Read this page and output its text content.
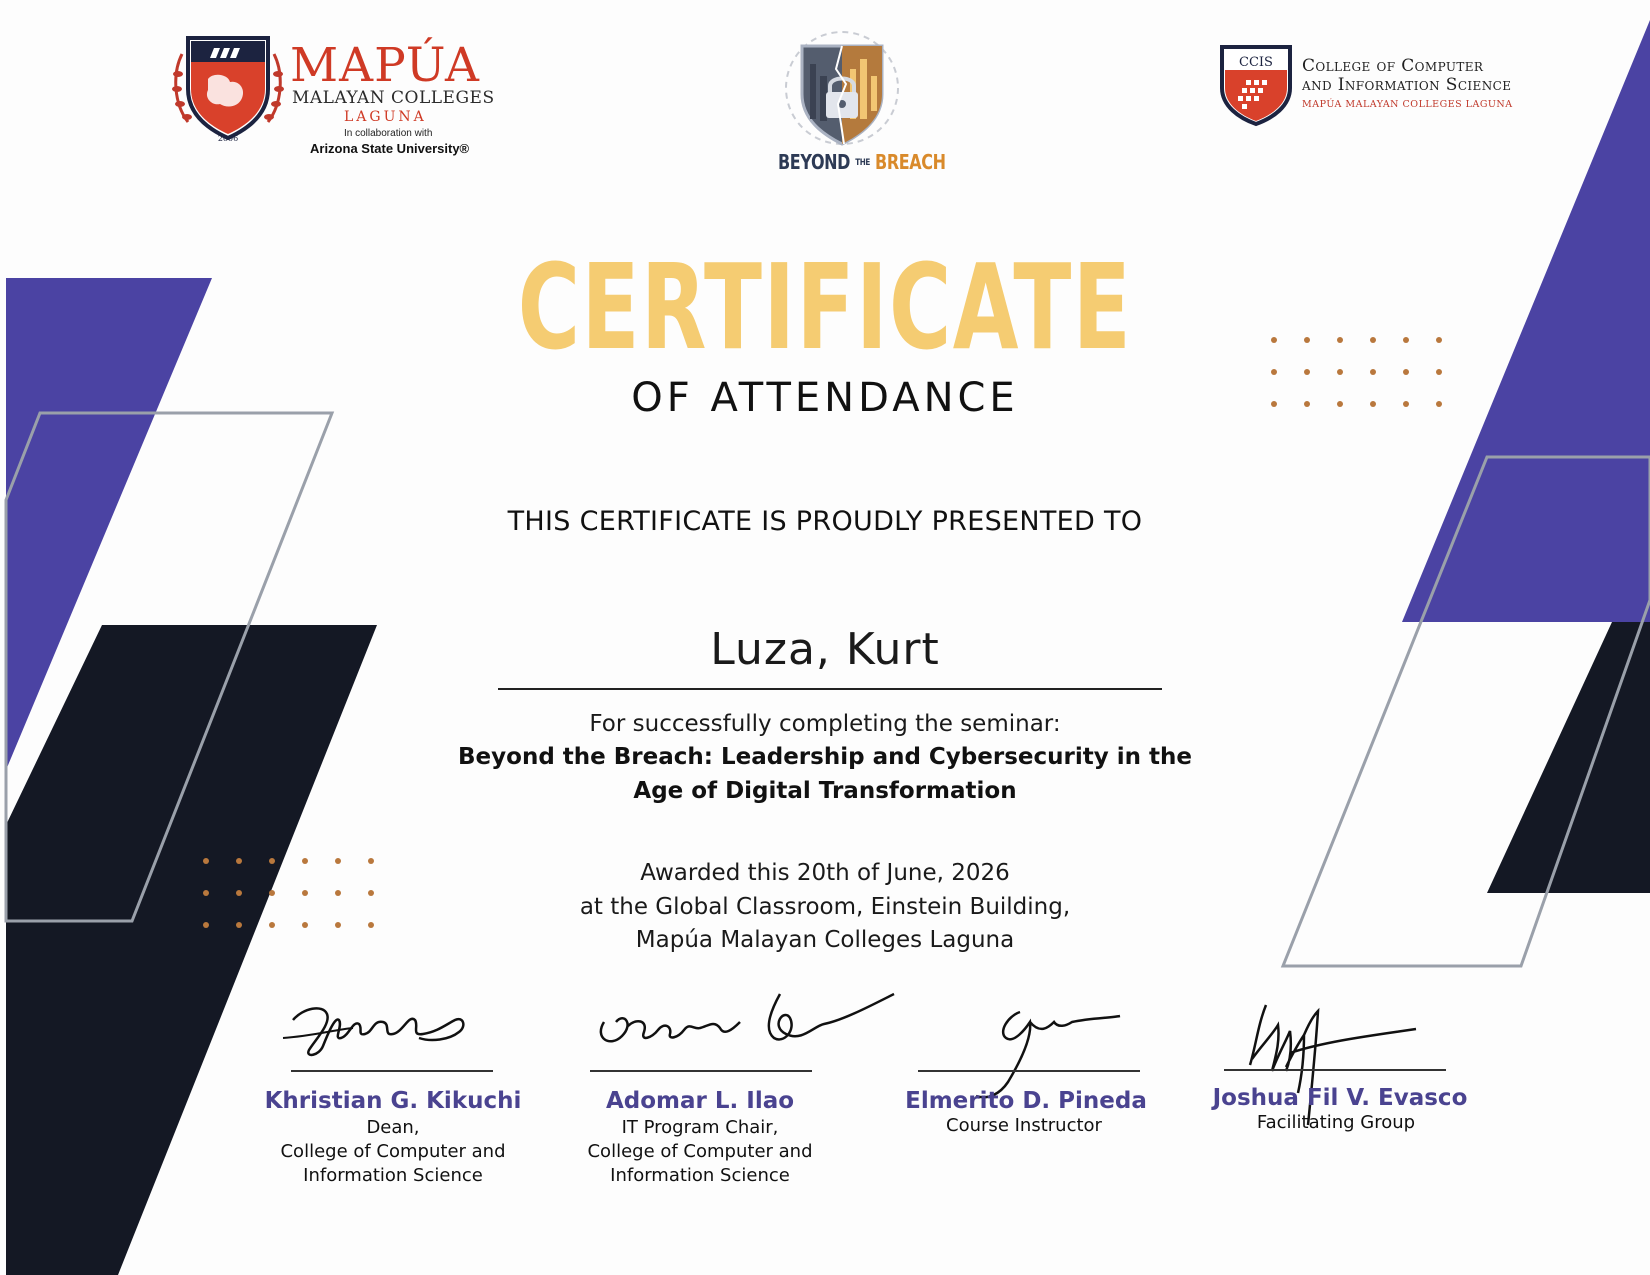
2006
MAPÚA
MALAYAN COLLEGES
LAGUNA
In collaboration with
Arizona State University®
BEYOND THE BREACH
CCIS College of Computer
and Information Science
MAPÚA MALAYAN COLLEGES LAGUNA
CERTIFICATE
OF ATTENDANCE
THIS CERTIFICATE IS PROUDLY PRESENTED TO
Luza, Kurt
For successfully completing the seminar:
Beyond the Breach: Leadership and Cybersecurity in the
Age of Digital Transformation
Awarded this 20th of June, 2026
at the Global Classroom, Einstein Building,
Mapúa Malayan Colleges Laguna
Khristian G. Kikuchi
Dean,
College of Computer and
Information Science
Adomar L. Ilao
IT Program Chair,
College of Computer and
Information Science
Elmerito D. Pineda
Course Instructor
Joshua Fil V. Evasco
Facilitating Group
